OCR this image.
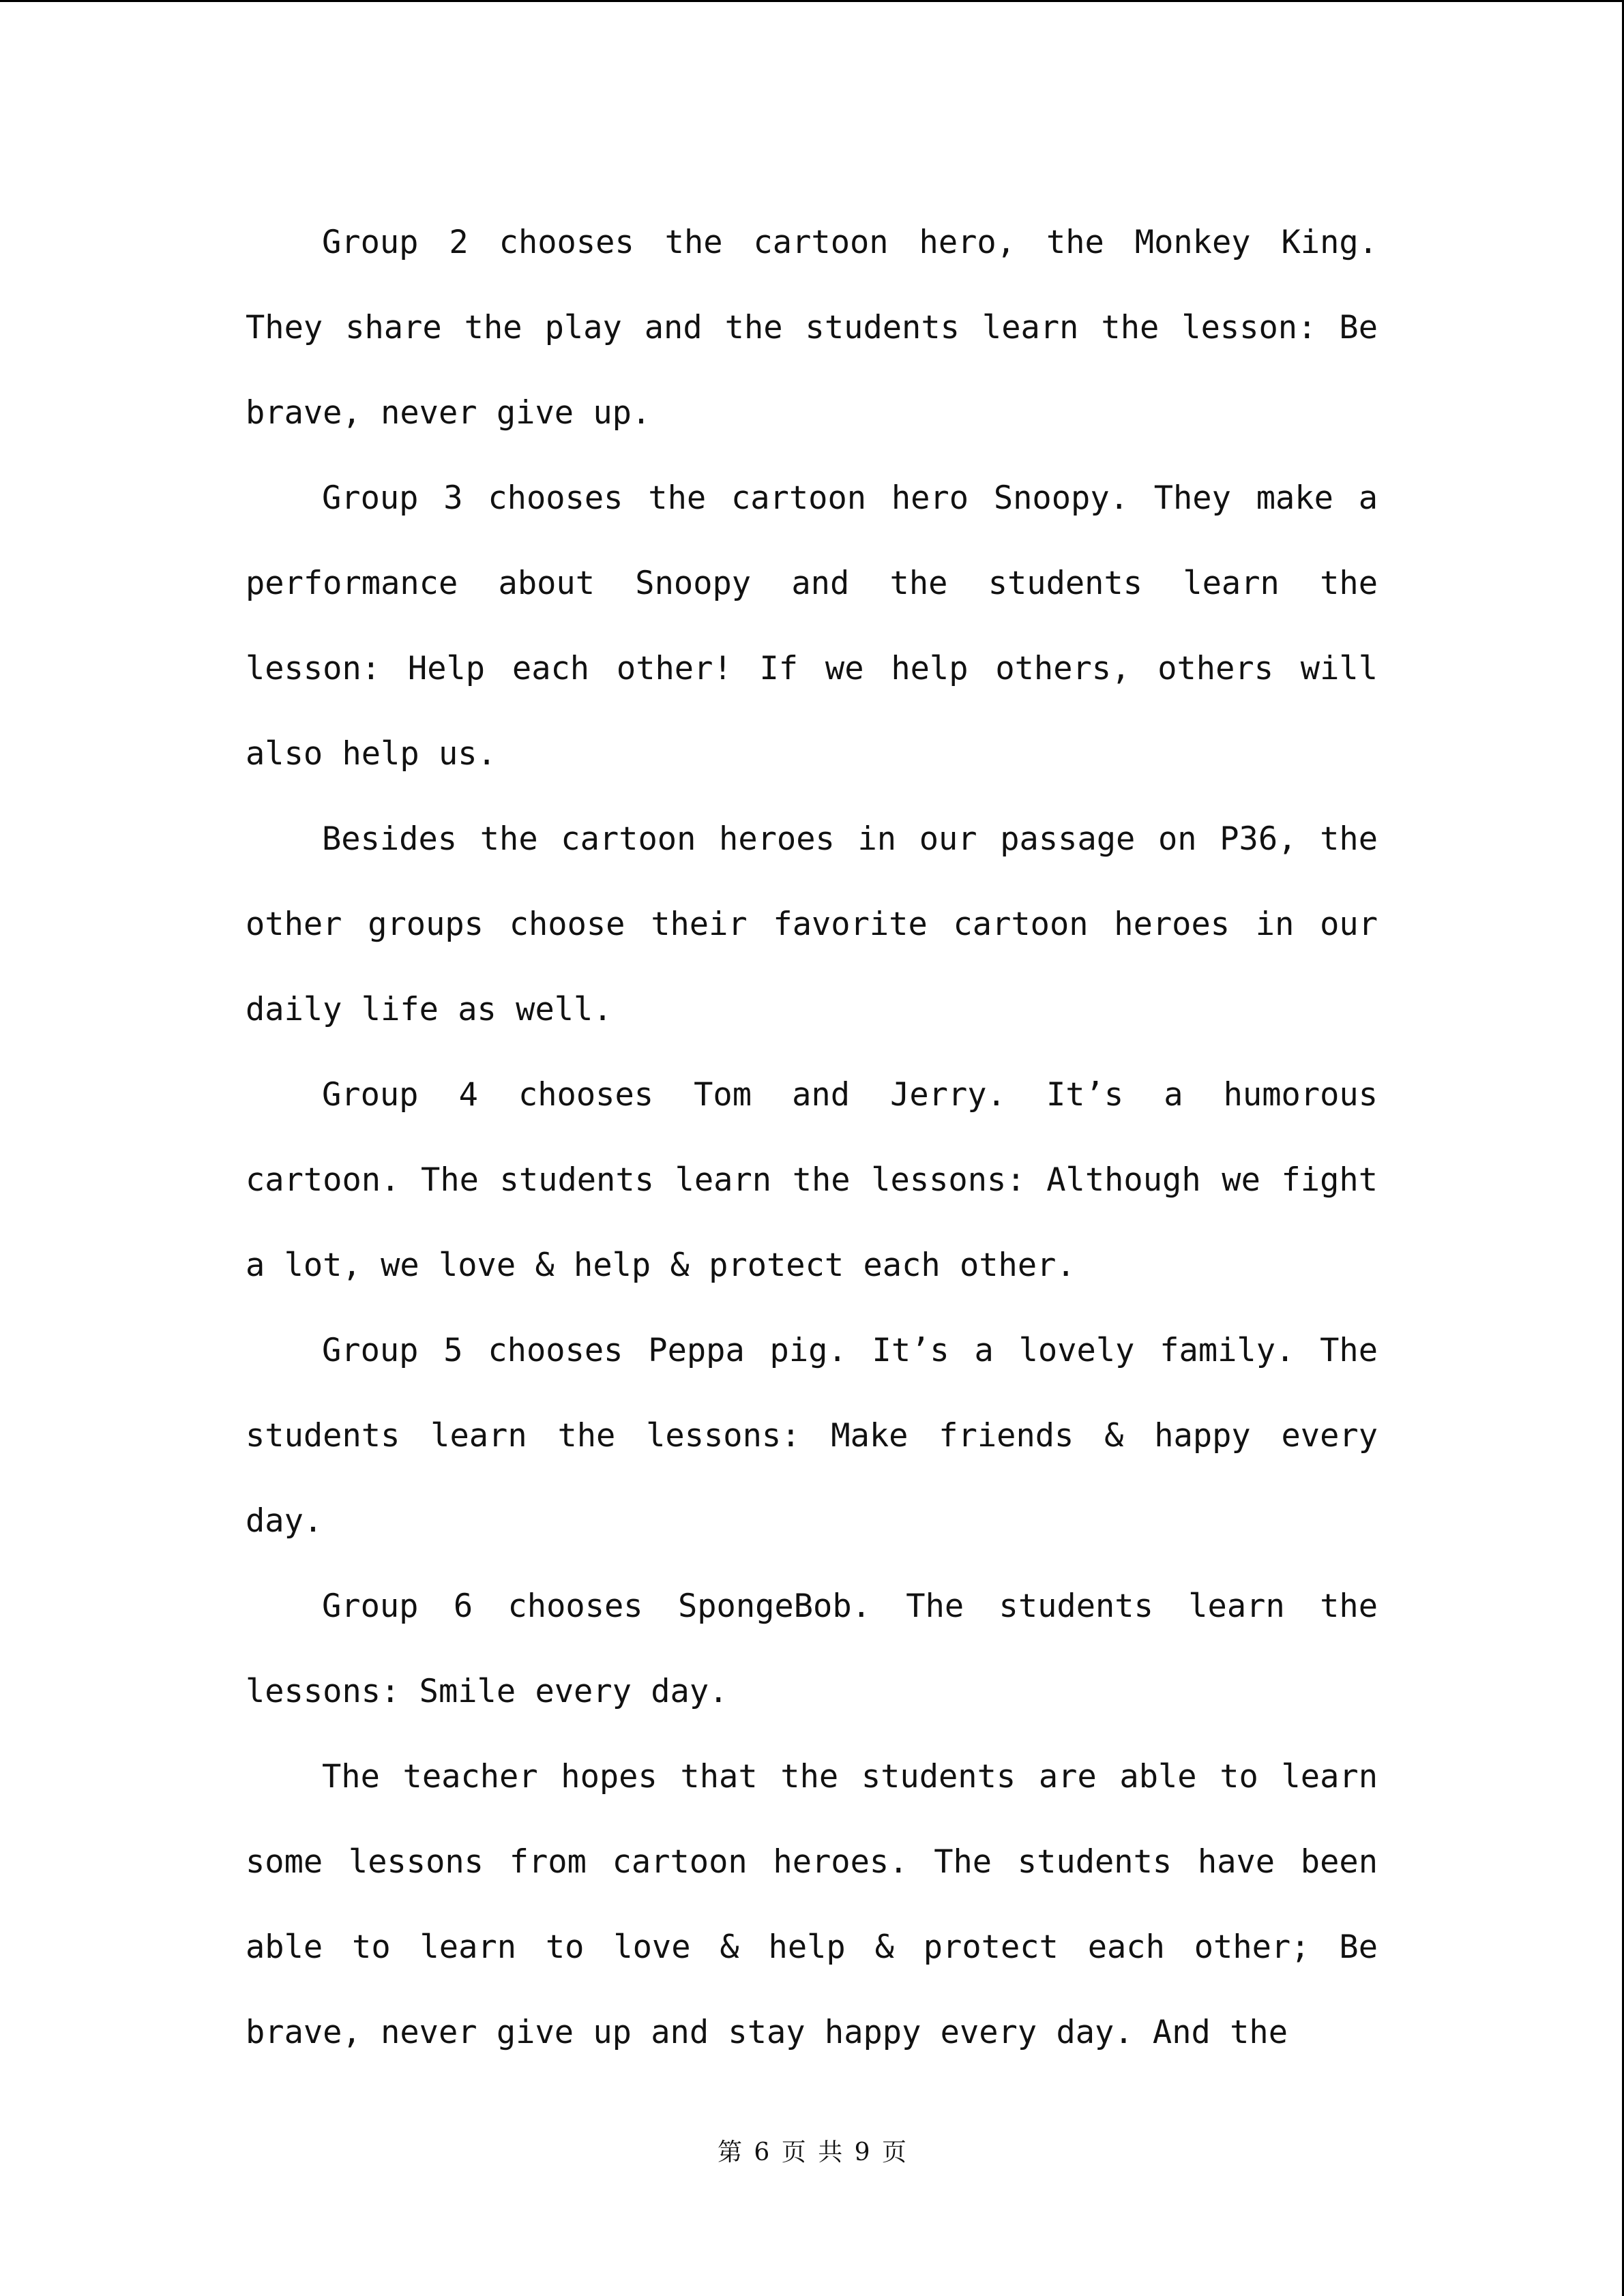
Group 2 chooses the cartoon hero, the Monkey King. They share the play and the students learn the lesson: Be brave, never give up.

Group 3 chooses the cartoon hero Snoopy. They make a performance about Snoopy and the students learn the lesson: Help each other! If we help others, others will also help us.

Besides the cartoon heroes in our passage on P36, the other groups choose their favorite cartoon heroes in our daily life as well.

Group 4 chooses Tom and Jerry. It’s a humorous cartoon. The students learn the lessons: Although we fight a lot, we love & help & protect each other.

Group 5 chooses Peppa pig. It’s a lovely family. The students learn the lessons: Make friends & happy every day.

Group 6 chooses SpongeBob. The students learn the lessons: Smile every day.

The teacher hopes that the students are able to learn some lessons from cartoon heroes. The students have been able to learn to love & help & protect each other; Be brave, never give up and stay happy every day. And the

第 6 页 共 9 页
